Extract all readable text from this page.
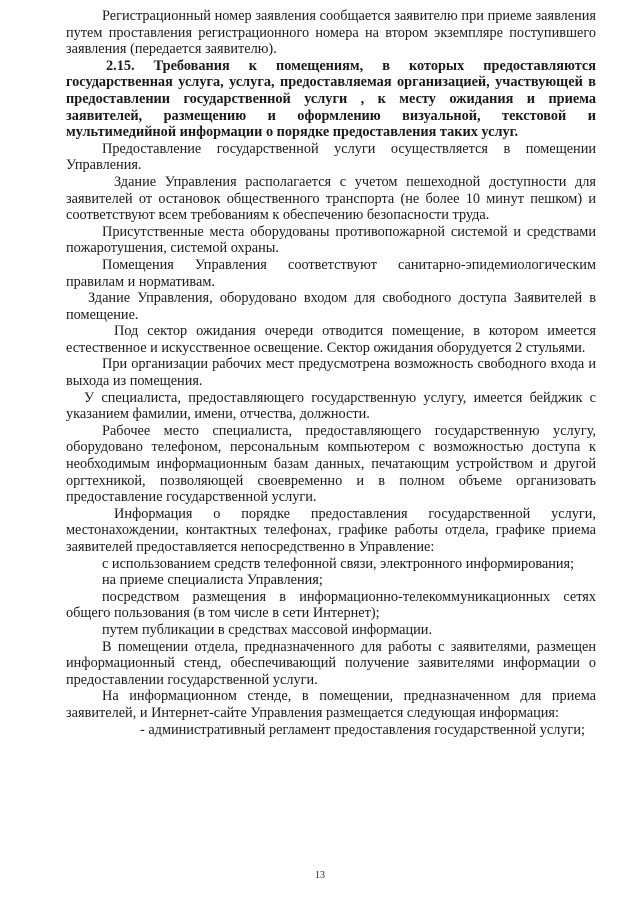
Регистрационный номер заявления сообщается заявителю при приеме заявления путем проставления регистрационного номера на втором экземпляре поступившего заявления (передается заявителю).

2.15. Требования к помещениям, в которых предоставляются государственная услуга, услуга, предоставляемая организацией, участвующей в предоставлении государственной услуги , к месту ожидания и приема заявителей, размещению и оформлению визуальной, текстовой и мультимедийной информации о порядке предоставления таких услуг.

Предоставление государственной услуги осуществляется в помещении Управления.

Здание Управления располагается с учетом пешеходной доступности для заявителей от остановок общественного транспорта (не более 10 минут пешком) и соответствуют всем требованиям к обеспечению безопасности труда.

Присутственные места оборудованы противопожарной системой и средствами пожаротушения, системой охраны.

Помещения Управления соответствуют санитарно-эпидемиологическим правилам и нормативам.

Здание Управления, оборудовано входом для свободного доступа Заявителей в помещение.

Под сектор ожидания очереди отводится помещение, в котором имеется естественное и искусственное освещение. Сектор ожидания оборудуется 2 стульями.

При организации рабочих мест предусмотрена возможность свободного входа и выхода из помещения.

У специалиста, предоставляющего государственную услугу, имеется бейджик с указанием фамилии, имени, отчества, должности.

Рабочее место специалиста, предоставляющего государственную услугу, оборудовано телефоном, персональным компьютером с возможностью доступа к необходимым информационным базам данных, печатающим устройством и другой оргтехникой, позволяющей своевременно и в полном объеме организовать предоставление государственной услуги.

Информация о порядке предоставления государственной услуги, местонахождении, контактных телефонах, графике работы отдела, графике приема заявителей предоставляется непосредственно в Управление:

с использованием средств телефонной связи, электронного информирования;

на приеме специалиста Управления;

посредством размещения в информационно-телекоммуникационных сетях общего пользования (в том числе в сети Интернет);

путем публикации в средствах массовой информации.

В помещении отдела, предназначенного для работы с заявителями, размещен информационный стенд, обеспечивающий получение заявителями информации о предоставлении государственной услуги.

На информационном стенде, в помещении, предназначенном для приема заявителей, и Интернет-сайте Управления размещается следующая информация:

- административный регламент предоставления государственной услуги;

13
